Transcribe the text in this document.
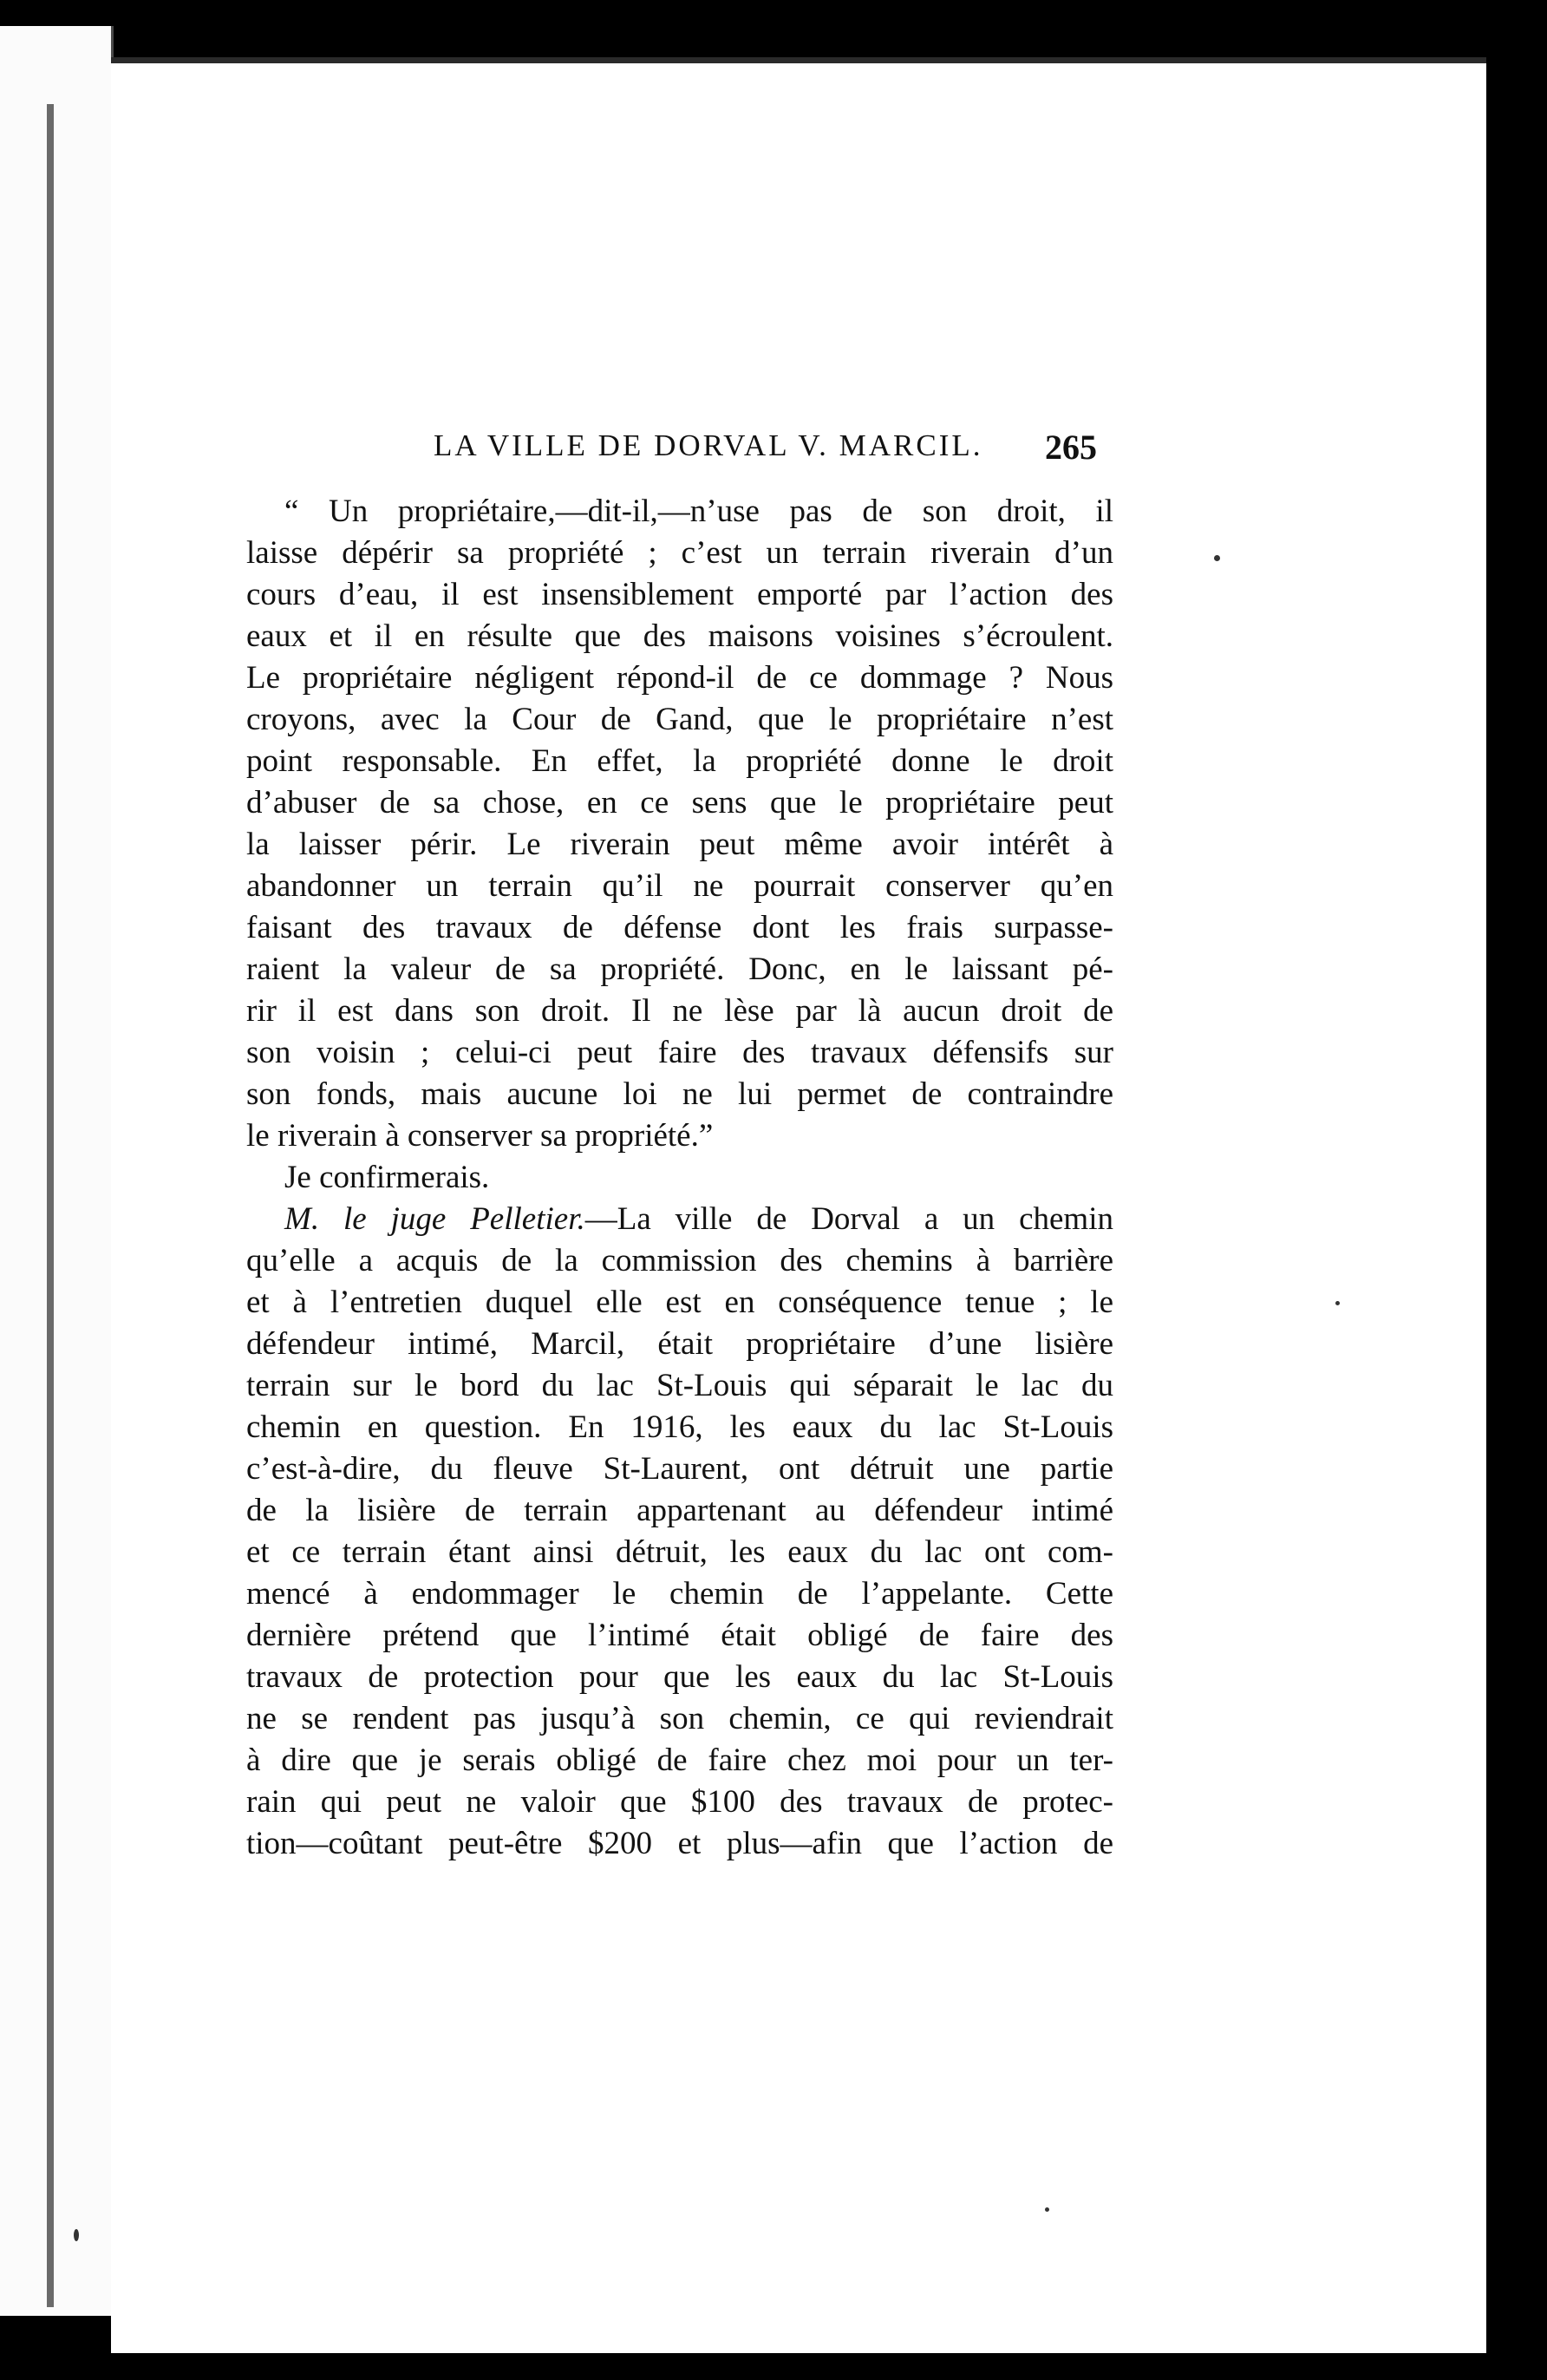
LA VILLE DE DORVAL V. MARCIL.	265
“ Un propriétaire,—dit-il,—n’use pas de son droit, il
laisse dépérir sa propriété ; c’est un terrain riverain d’un
cours d’eau, il est insensiblement emporté par l’action des
eaux et il en résulte que des maisons voisines s’écroulent.
Le propriétaire négligent répond-il de ce dommage ? Nous
croyons, avec la Cour de Gand, que le propriétaire n’est
point responsable. En effet, la propriété donne le droit
d’abuser de sa chose, en ce sens que le propriétaire peut
la laisser périr. Le riverain peut même avoir intérêt à
abandonner un terrain qu’il ne pourrait conserver qu’en
faisant des travaux de défense dont les frais surpasse-
raient la valeur de sa propriété. Donc, en le laissant pé-
rir il est dans son droit. Il ne lèse par là aucun droit de
son voisin ; celui-ci peut faire des travaux défensifs sur
son fonds, mais aucune loi ne lui permet de contraindre
le riverain à conserver sa propriété.”
Je confirmerais.
M. le juge Pelletier.—La ville de Dorval a un chemin
qu’elle a acquis de la commission des chemins à barrière
et à l’entretien duquel elle est en conséquence tenue ; le
défendeur intimé, Marcil, était propriétaire d’une lisière
terrain sur le bord du lac St-Louis qui séparait le lac du
chemin en question. En 1916, les eaux du lac St-Louis
c’est-à-dire, du fleuve St-Laurent, ont détruit une partie
de la lisière de terrain appartenant au défendeur intimé
et ce terrain étant ainsi détruit, les eaux du lac ont com-
mencé à endommager le chemin de l’appelante. Cette
dernière prétend que l’intimé était obligé de faire des
travaux de protection pour que les eaux du lac St-Louis
ne se rendent pas jusqu’à son chemin, ce qui reviendrait
à dire que je serais obligé de faire chez moi pour un ter-
rain qui peut ne valoir que $100 des travaux de protec-
tion—coûtant peut-être $200 et plus—afin que l’action de
